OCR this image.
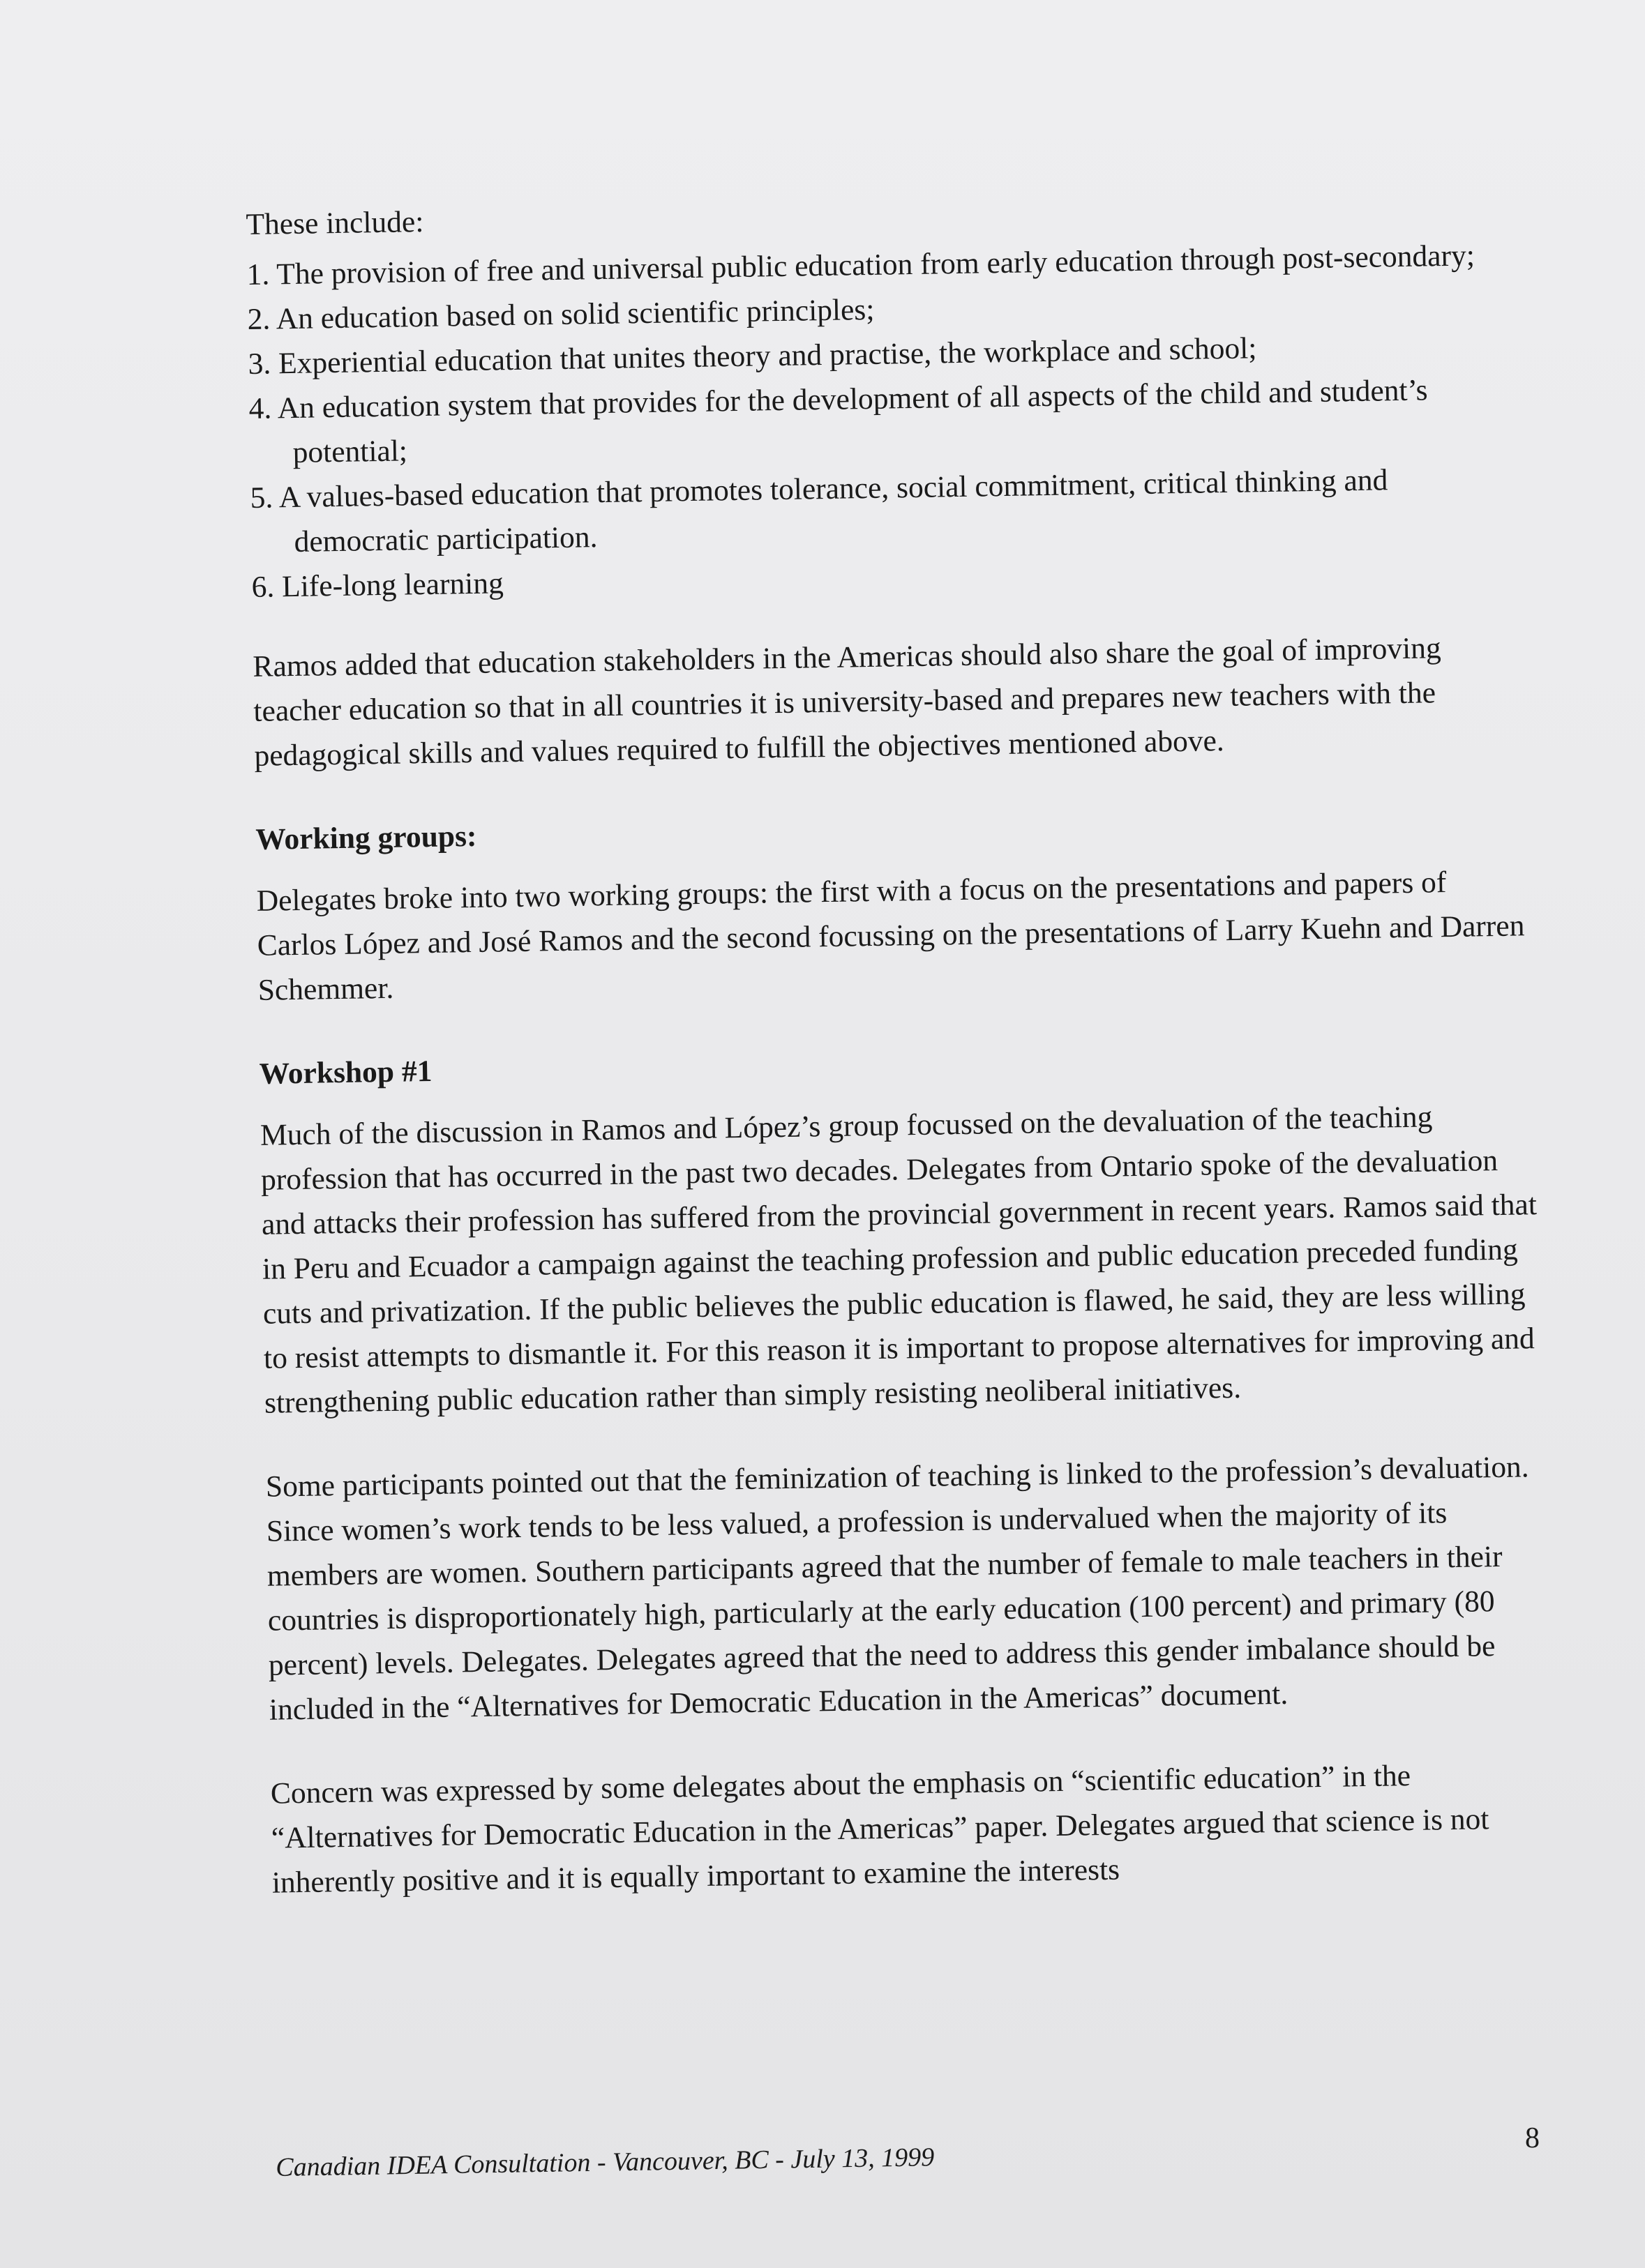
These include:

1. The provision of free and universal public education from early education through post-secondary;
2. An education based on solid scientific principles;
3. Experiential education that unites theory and practise, the workplace and school;
4. An education system that provides for the development of all aspects of the child and student’s potential;
5. A values-based education that promotes tolerance, social commitment, critical thinking and democratic participation.
6. Life-long learning

Ramos added that education stakeholders in the Americas should also share the goal of improving teacher education so that in all countries it is university-based and prepares new teachers with the pedagogical skills and values required to fulfill the objectives mentioned above.

Working groups:

Delegates broke into two working groups: the first with a focus on the presentations and papers of Carlos López and José Ramos and the second focussing on the presentations of Larry Kuehn and Darren Schemmer.

Workshop #1

Much of the discussion in Ramos and López’s group focussed on the devaluation of the teaching profession that has occurred in the past two decades. Delegates from Ontario spoke of the devaluation and attacks their profession has suffered from the provincial government in recent years. Ramos said that in Peru and Ecuador a campaign against the teaching profession and public education preceded funding cuts and privatization. If the public believes the public education is flawed, he said, they are less willing to resist attempts to dismantle it. For this reason it is important to propose alternatives for improving and strengthening public education rather than simply resisting neoliberal initiatives.

Some participants pointed out that the feminization of teaching is linked to the profession’s devaluation. Since women’s work tends to be less valued, a profession is undervalued when the majority of its members are women. Southern participants agreed that the number of female to male teachers in their countries is disproportionately high, particularly at the early education (100 percent) and primary (80 percent) levels. Delegates. Delegates agreed that the need to address this gender imbalance should be included in the “Alternatives for Democratic Education in the Americas” document.

Concern was expressed by some delegates about the emphasis on “scientific education” in the “Alternatives for Democratic Education in the Americas” paper. Delegates argued that science is not inherently positive and it is equally important to examine the interests

Canadian IDEA Consultation - Vancouver, BC - July 13, 1999
8
